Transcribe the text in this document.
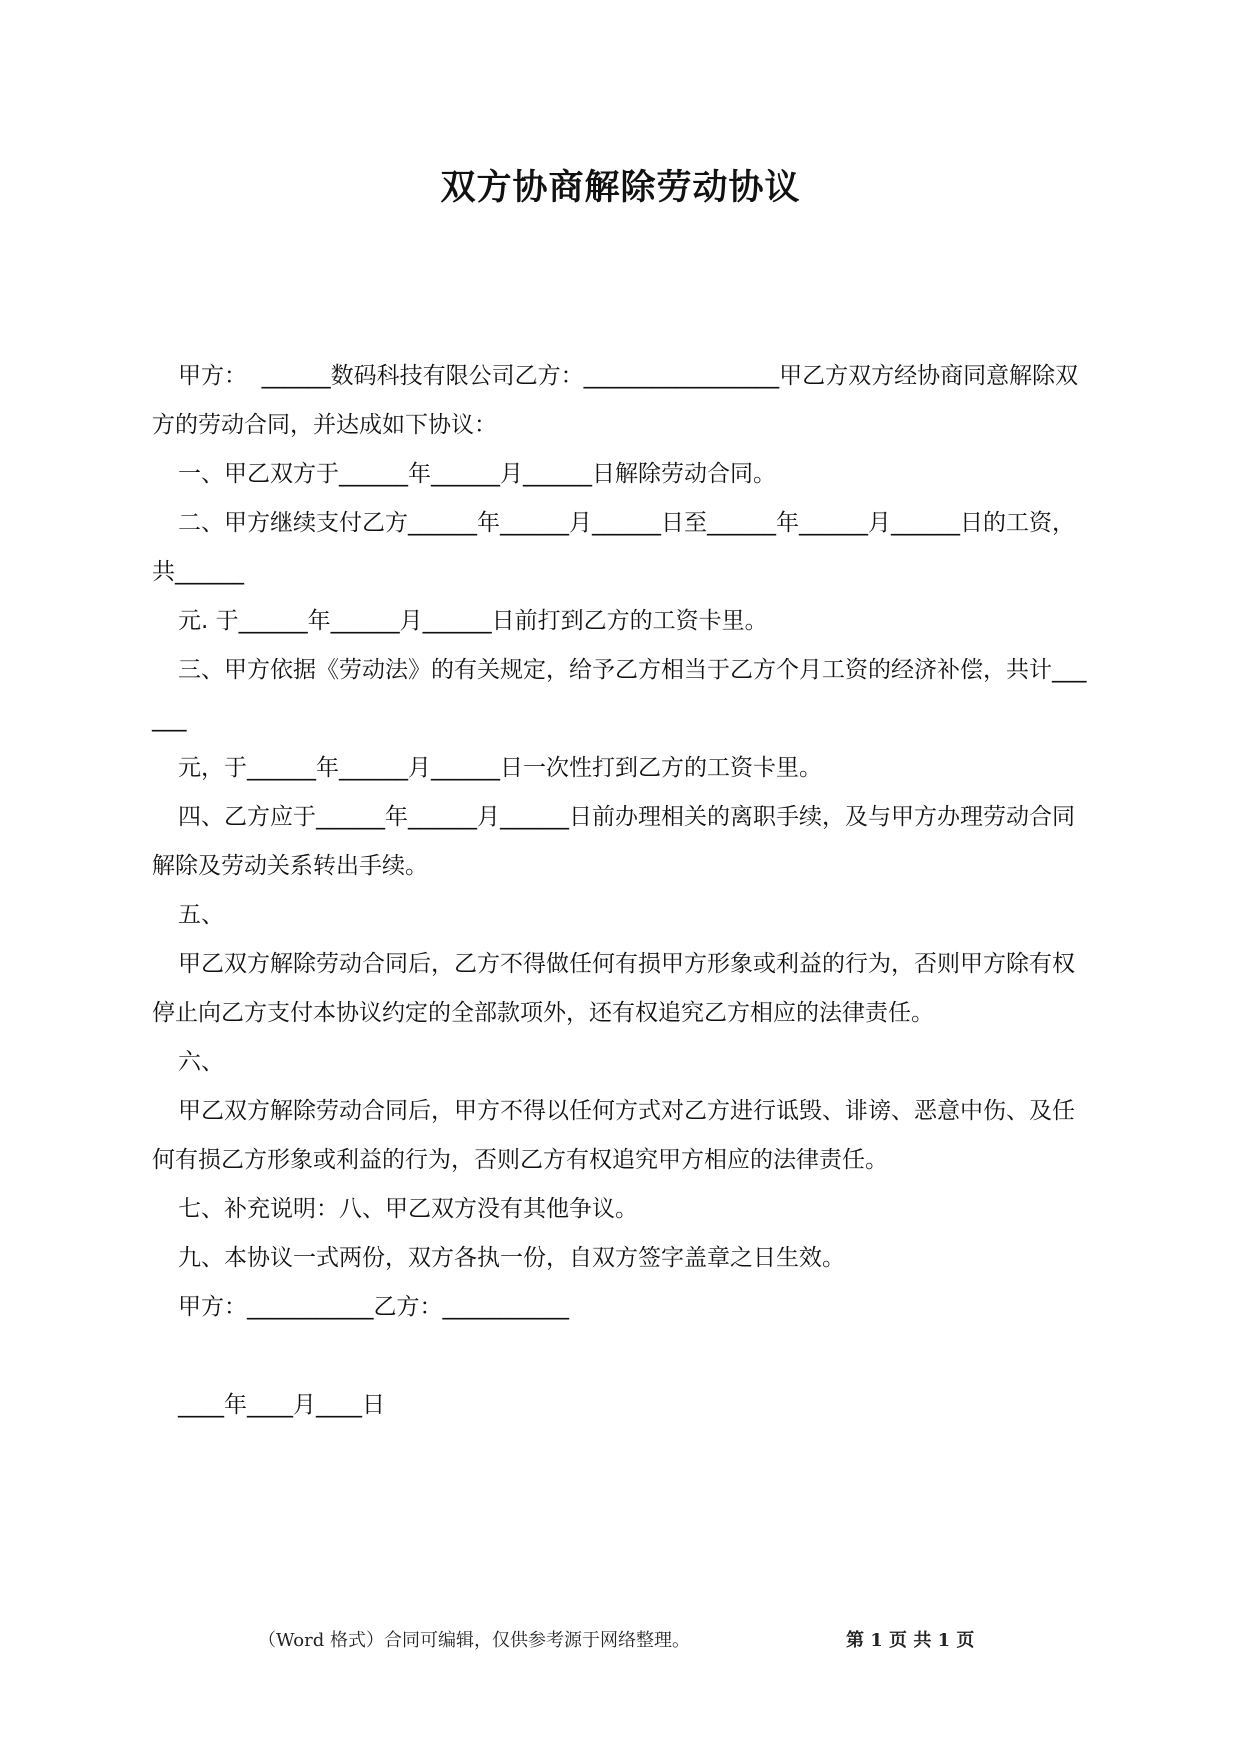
双方协商解除劳动协议

甲方：  ______数码科技有限公司乙方：_________________甲乙方双方经协商同意解除双方的劳动合同，并达成如下协议：

一、甲乙双方于______年______月______日解除劳动合同。

二、甲方继续支付乙方______年______月______日至______年______月______日的工资，共______

元. 于______年______月______日前打到乙方的工资卡里。

三、甲方依据《劳动法》的有关规定，给予乙方相当于乙方个月工资的经济补偿，共计______

元，于______年______月______日一次性打到乙方的工资卡里。

四、乙方应于______年______月______日前办理相关的离职手续，及与甲方办理劳动合同解除及劳动关系转出手续。

五、

甲乙双方解除劳动合同后，乙方不得做任何有损甲方形象或利益的行为，否则甲方除有权停止向乙方支付本协议约定的全部款项外，还有权追究乙方相应的法律责任。

六、

甲乙双方解除劳动合同后，甲方不得以任何方式对乙方进行诋毁、诽谤、恶意中伤、及任何有损乙方形象或利益的行为，否则乙方有权追究甲方相应的法律责任。

七、补充说明：八、甲乙双方没有其他争议。

九、本协议一式两份，双方各执一份，自双方签字盖章之日生效。

甲方：___________乙方：___________

____年____月____日

（Word 格式）合同可编辑，仅供参考源于网络整理。	第 1 页 共 1 页
